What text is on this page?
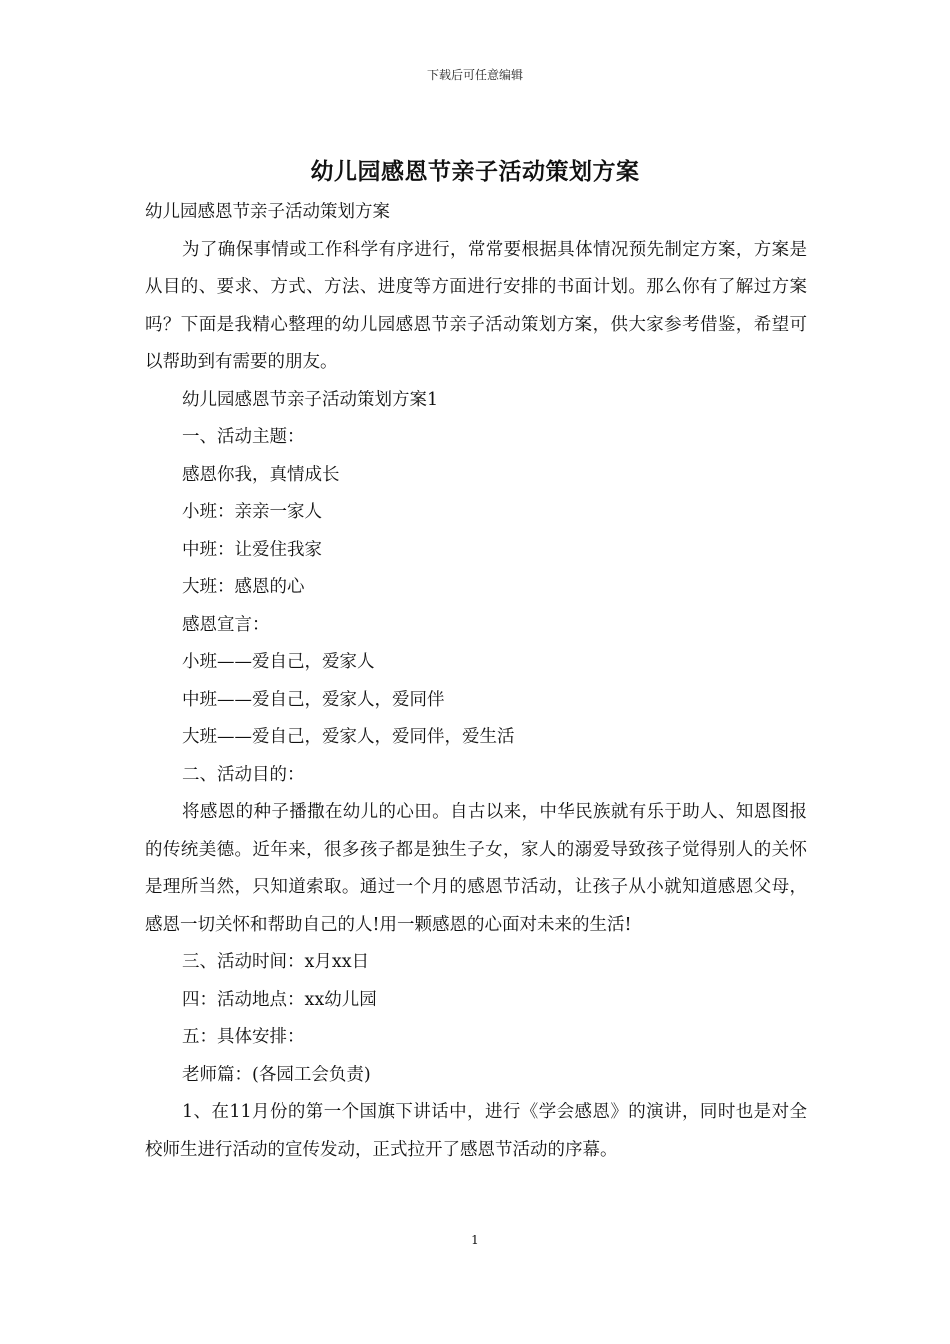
下载后可任意编辑
幼儿园感恩节亲子活动策划方案

幼儿园感恩节亲子活动策划方案

为了确保事情或工作科学有序进行，常常要根据具体情况预先制定方案，方案是从目的、要求、方式、方法、进度等方面进行安排的书面计划。那么你有了解过方案吗？下面是我精心整理的幼儿园感恩节亲子活动策划方案，供大家参考借鉴，希望可以帮助到有需要的朋友。

幼儿园感恩节亲子活动策划方案1

一、活动主题：

感恩你我，真情成长

小班：亲亲一家人

中班：让爱住我家

大班：感恩的心

感恩宣言：

小班——爱自己，爱家人

中班——爱自己，爱家人，爱同伴

大班——爱自己，爱家人，爱同伴，爱生活

二、活动目的：

将感恩的种子播撒在幼儿的心田。自古以来，中华民族就有乐于助人、知恩图报的传统美德。近年来，很多孩子都是独生子女，家人的溺爱导致孩子觉得别人的关怀是理所当然，只知道索取。通过一个月的感恩节活动，让孩子从小就知道感恩父母，感恩一切关怀和帮助自己的人!用一颗感恩的心面对未来的生活!

三、活动时间：x月xx日

四：活动地点：xx幼儿园

五：具体安排：

老师篇：(各园工会负责)

1、在11月份的第一个国旗下讲话中，进行《学会感恩》的演讲，同时也是对全校师生进行活动的宣传发动，正式拉开了感恩节活动的序幕。

1
